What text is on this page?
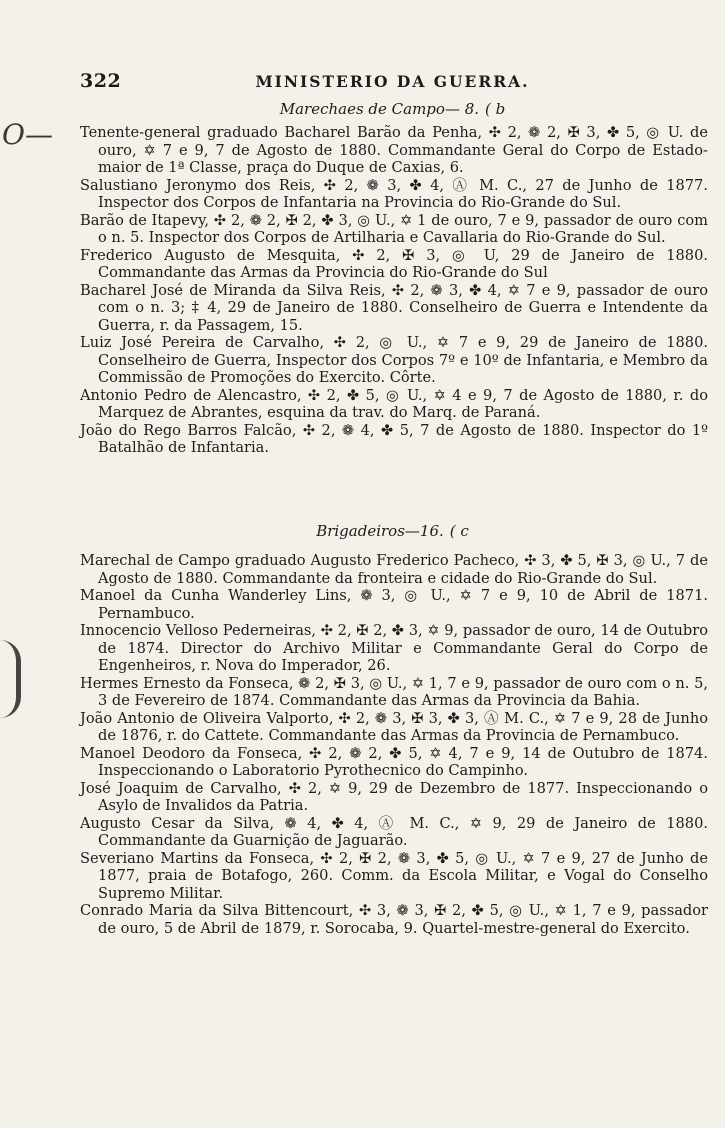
O—
322	MINISTERIO DA GUERRA.
Marechaes de Campo— 8. ( b

Tenente-general graduado Bacharel Barão da Penha, ✣ 2, ❁ 2, ✠ 3, ✤ 5, ◎ U. de ouro, ✡ 7 e 9, 7 de Agosto de 1880. Commandante Geral do Corpo de Estado-maior de 1ª Classe, praça do Duque de Caxias, 6.

Salustiano Jeronymo dos Reis, ✣ 2, ❁ 3, ✤ 4, Ⓐ M. C., 27 de Junho de 1877. Inspector dos Corpos de Infantaria na Provincia do Rio-Grande do Sul.

Barão de Itapevy, ✣ 2, ❁ 2, ✠ 2, ✤ 3, ◎ U., ✡ 1 de ouro, 7 e 9, passador de ouro com o n. 5. Inspector dos Corpos de Artilharia e Cavallaria do Rio-Grande do Sul.

Frederico Augusto de Mesquita, ✣ 2, ✠ 3, ◎ U, 29 de Janeiro de 1880. Commandante das Armas da Provincia do Rio-Grande do Sul

Bacharel José de Miranda da Silva Reis, ✣ 2, ❁ 3, ✤ 4, ✡ 7 e 9, passador de ouro com o n. 3; ‡ 4, 29 de Janeiro de 1880. Conselheiro de Guerra e Intendente da Guerra, r. da Passagem, 15.

Luiz José Pereira de Carvalho, ✣ 2, ◎ U., ✡ 7 e 9, 29 de Janeiro de 1880. Conselheiro de Guerra, Inspector dos Corpos 7º e 10º de Infantaria, e Membro da Commissão de Promoções do Exercito. Côrte.

Antonio Pedro de Alencastro, ✣ 2, ✤ 5, ◎ U., ✡ 4 e 9, 7 de Agosto de 1880, r. do Marquez de Abrantes, esquina da trav. do Marq. de Paraná.

João do Rego Barros Falcão, ✣ 2, ❁ 4, ✤ 5, 7 de Agosto de 1880. Inspector do 1º Batalhão de Infantaria.

Brigadeiros—16. ( c

Marechal de Campo graduado Augusto Frederico Pacheco, ✣ 3, ✤ 5, ✠ 3, ◎ U., 7 de Agosto de 1880. Commandante da fronteira e cidade do Rio-Grande do Sul.

Manoel da Cunha Wanderley Lins, ❁ 3, ◎ U., ✡ 7 e 9, 10 de Abril de 1871. Pernambuco.

Innocencio Velloso Pederneiras, ✣ 2, ✠ 2, ✤ 3, ✡ 9, passador de ouro, 14 de Outubro de 1874. Director do Archivo Militar e Commandante Geral do Corpo de Engenheiros, r. Nova do Imperador, 26.

Hermes Ernesto da Fonseca, ❁ 2, ✠ 3, ◎ U., ✡ 1, 7 e 9, passador de ouro com o n. 5, 3 de Fevereiro de 1874. Commandante das Armas da Provincia da Bahia.

João Antonio de Oliveira Valporto, ✣ 2, ❁ 3, ✠ 3, ✤ 3, Ⓐ M. C., ✡ 7 e 9, 28 de Junho de 1876, r. do Cattete. Commandante das Armas da Provincia de Pernambuco.

Manoel Deodoro da Fonseca, ✣ 2, ❁ 2, ✤ 5, ✡ 4, 7 e 9, 14 de Outubro de 1874. Inspeccionando o Laboratorio Pyrothecnico do Campinho.

José Joaquim de Carvalho, ✣ 2, ✡ 9, 29 de Dezembro de 1877. Inspeccionando o Asylo de Invalidos da Patria.

Augusto Cesar da Silva, ❁ 4, ✤ 4, Ⓐ M. C., ✡ 9, 29 de Janeiro de 1880. Commandante da Guarnição de Jaguarão.

Severiano Martins da Fonseca, ✣ 2, ✠ 2, ❁ 3, ✤ 5, ◎ U., ✡ 7 e 9, 27 de Junho de 1877, praia de Botafogo, 260. Comm. da Escola Militar, e Vogal do Conselho Supremo Militar.

Conrado Maria da Silva Bittencourt, ✣ 3, ❁ 3, ✠ 2, ✤ 5, ◎ U., ✡ 1, 7 e 9, passador de ouro, 5 de Abril de 1879, r. Sorocaba, 9. Quartel-mestre-general do Exercito.
